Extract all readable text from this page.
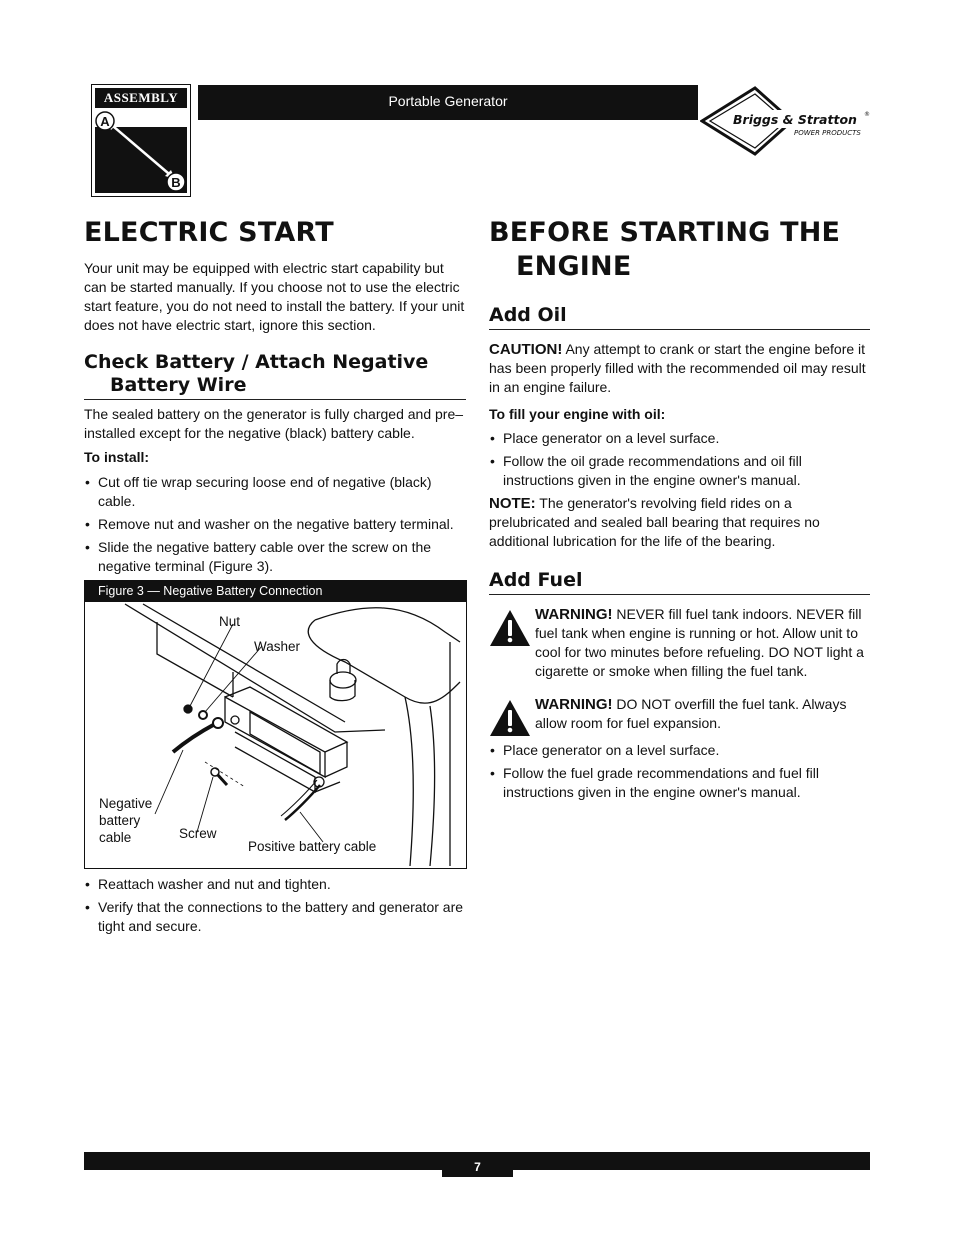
ASSEMBLY
A
B
Portable Generator
Briggs & Stratton ®
POWER PRODUCTS
ELECTRIC START

Your unit may be equipped with electric start capability but can be started manually. If you choose not to use the electric start feature, you do not need to install the battery. If your unit does not have electric start, ignore this section.

Check Battery / Attach Negative
Battery Wire

The sealed battery on the generator is fully charged and pre–installed except for the negative (black) battery cable.

To install:

• Cut off tie wrap securing loose end of negative (black) cable.
• Remove nut and washer on the negative battery terminal.
• Slide the negative battery cable over the screw on the negative terminal (Figure 3).
Figure 3 — Negative Battery Connection
Nut
Washer
Negative
battery
cable	Screw
Positive battery cable
• Reattach washer and nut and tighten.
• Verify that the connections to the battery and generator are tight and secure.
BEFORE STARTING THE
ENGINE
Add Oil

CAUTION! Any attempt to crank or start the engine before it has been properly filled with the recommended oil may result in an engine failure.

To fill your engine with oil:

• Place generator on a level surface.
• Follow the oil grade recommendations and oil fill instructions given in the engine owner's manual.

NOTE: The generator's revolving field rides on a prelubricated and sealed ball bearing that requires no additional lubrication for the life of the bearing.

Add Fuel

WARNING! NEVER fill fuel tank indoors. NEVER fill fuel tank when engine is running or hot. Allow unit to cool for two minutes before refueling. DO NOT light a cigarette or smoke when filling the fuel tank.

WARNING! DO NOT overfill the fuel tank. Always allow room for fuel expansion.

• Place generator on a level surface.
• Follow the fuel grade recommendations and fuel fill instructions given in the engine owner's manual.
7
